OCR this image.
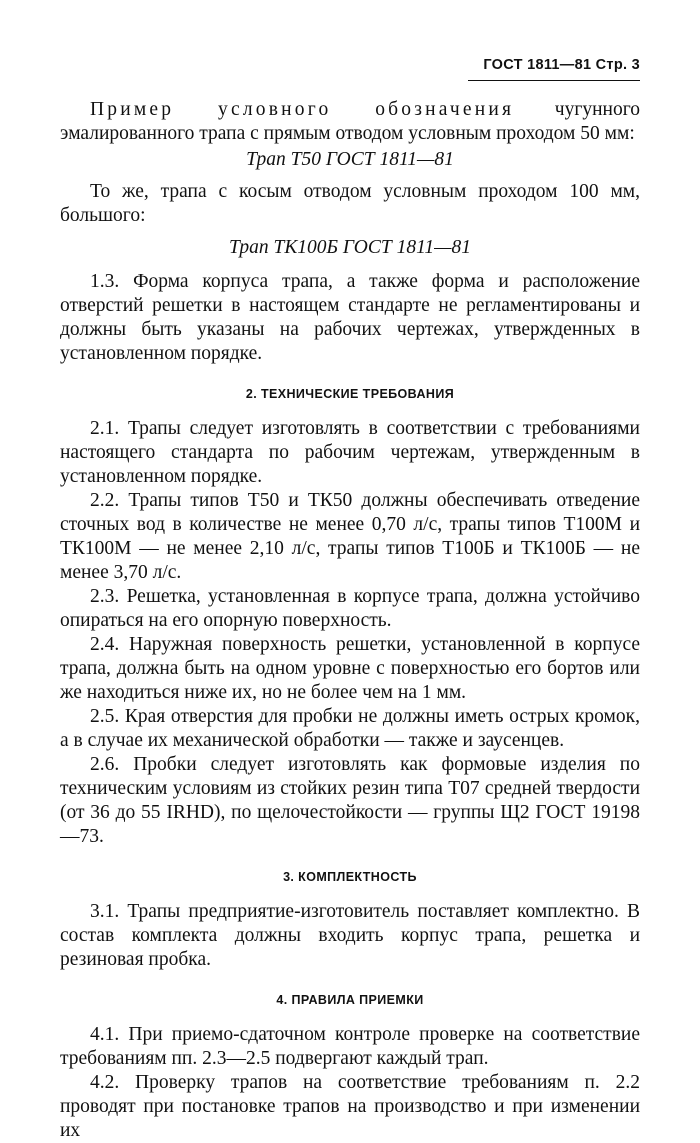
ГОСТ 1811—81 Стр. 3

Пример условного обозначения чугунного эмалированного трапа с прямым отводом условным проходом 50 мм:

Трап Т50 ГОСТ 1811—81

То же, трапа с косым отводом условным проходом 100 мм, большого:

Трап ТК100Б ГОСТ 1811—81

1.3. Форма корпуса трапа, а также форма и расположение отверстий решетки в настоящем стандарте не регламентированы и должны быть указаны на рабочих чертежах, утвержденных в установленном порядке.

2. ТЕХНИЧЕСКИЕ ТРЕБОВАНИЯ

2.1. Трапы следует изготовлять в соответствии с требованиями настоящего стандарта по рабочим чертежам, утвержденным в установленном порядке.

2.2. Трапы типов Т50 и ТК50 должны обеспечивать отведение сточных вод в количестве не менее 0,70 л/с, трапы типов Т100М и ТК100М — не менее 2,10 л/с, трапы типов Т100Б и ТК100Б — не менее 3,70 л/с.

2.3. Решетка, установленная в корпусе трапа, должна устойчиво опираться на его опорную поверхность.

2.4. Наружная поверхность решетки, установленной в корпусе трапа, должна быть на одном уровне с поверхностью его бортов или же находиться ниже их, но не более чем на 1 мм.

2.5. Края отверстия для пробки не должны иметь острых кромок, а в случае их механической обработки — также и заусенцев.

2.6. Пробки следует изготовлять как формовые изделия по техническим условиям из стойких резин типа Т07 средней твердости (от 36 до 55 IRHD), по щелочестойкости — группы Щ2 ГОСТ 19198—73.

3. КОМПЛЕКТНОСТЬ

3.1. Трапы предприятие-изготовитель поставляет комплектно. В состав комплекта должны входить корпус трапа, решетка и резиновая пробка.

4. ПРАВИЛА ПРИЕМКИ

4.1. При приемо-сдаточном контроле проверке на соответствие требованиям пп. 2.3—2.5 подвергают каждый трап.

4.2. Проверку трапов на соответствие требованиям п. 2.2 проводят при постановке трапов на производство и при изменении их
